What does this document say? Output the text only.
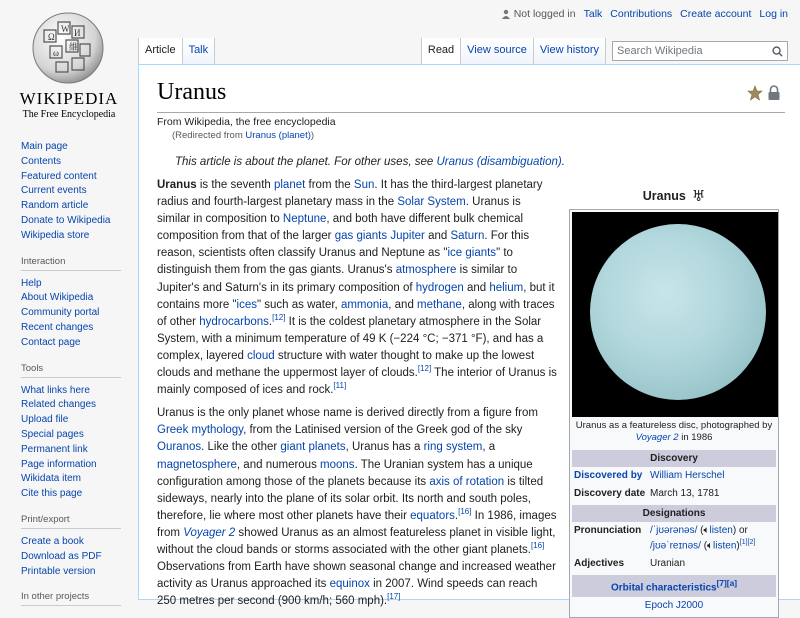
Ω
W И
ω
維
WIKIPEDIA
The Free Encyclopedia
Not logged in Talk Contributions Create account Log in
Article	Talk	Read	View source	View history	Search Wikipedia
Main page
Contents
Featured content
Current events
Random article
Donate to Wikipedia
Wikipedia store
Interaction
Help
About Wikipedia
Community portal
Recent changes
Contact page
Tools
What links here
Related changes
Upload file
Special pages
Permanent link
Page information
Wikidata item
Cite this page
Print/export
Create a book
Download as PDF
Printable version
In other projects
Uranus
From Wikipedia, the free encyclopedia
(Redirected from Uranus (planet))
This article is about the planet. For other uses, see Uranus (disambiguation).

Uranus is the seventh planet from the Sun. It has the third-largest planetary radius and fourth-largest planetary mass in the Solar System. Uranus is similar in composition to Neptune, and both have different bulk chemical composition from that of the larger gas giants Jupiter and Saturn. For this reason, scientists often classify Uranus and Neptune as "ice giants" to distinguish them from the gas giants. Uranus's atmosphere is similar to Jupiter's and Saturn's in its primary composition of hydrogen and helium, but it contains more "ices" such as water, ammonia, and methane, along with traces of other hydrocarbons.[12] It is the coldest planetary atmosphere in the Solar System, with a minimum temperature of 49 K (−224 °C; −371 °F), and has a complex, layered cloud structure with water thought to make up the lowest clouds and methane the uppermost layer of clouds.[12] The interior of Uranus is mainly composed of ices and rock.[11]

Uranus is the only planet whose name is derived directly from a figure from Greek mythology, from the Latinised version of the Greek god of the sky Ouranos. Like the other giant planets, Uranus has a ring system, a magnetosphere, and numerous moons. The Uranian system has a unique configuration among those of the planets because its axis of rotation is tilted sideways, nearly into the plane of its solar orbit. Its north and south poles, therefore, lie where most other planets have their equators.[16] In 1986, images from Voyager 2 showed Uranus as an almost featureless planet in visible light, without the cloud bands or storms associated with the other giant planets.[16] Observations from Earth have shown seasonal change and increased weather activity as Uranus approached its equinox in 2007. Wind speeds can reach 250 metres per second (900 km/h; 560 mph).[17]

Uranus ♅
Uranus as a featureless disc, photographed by Voyager 2 in 1986
Discovery
Discovered by William Herschel
Discovery date March 13, 1781
Designations
Pronunciation /ˈjʊərənəs/ (🔈︎listen) or
/jʊəˈreɪnəs/ (🔈︎listen)[1][2]
Adjectives	Uranian
Orbital characteristics[7][a]
Epoch J2000
